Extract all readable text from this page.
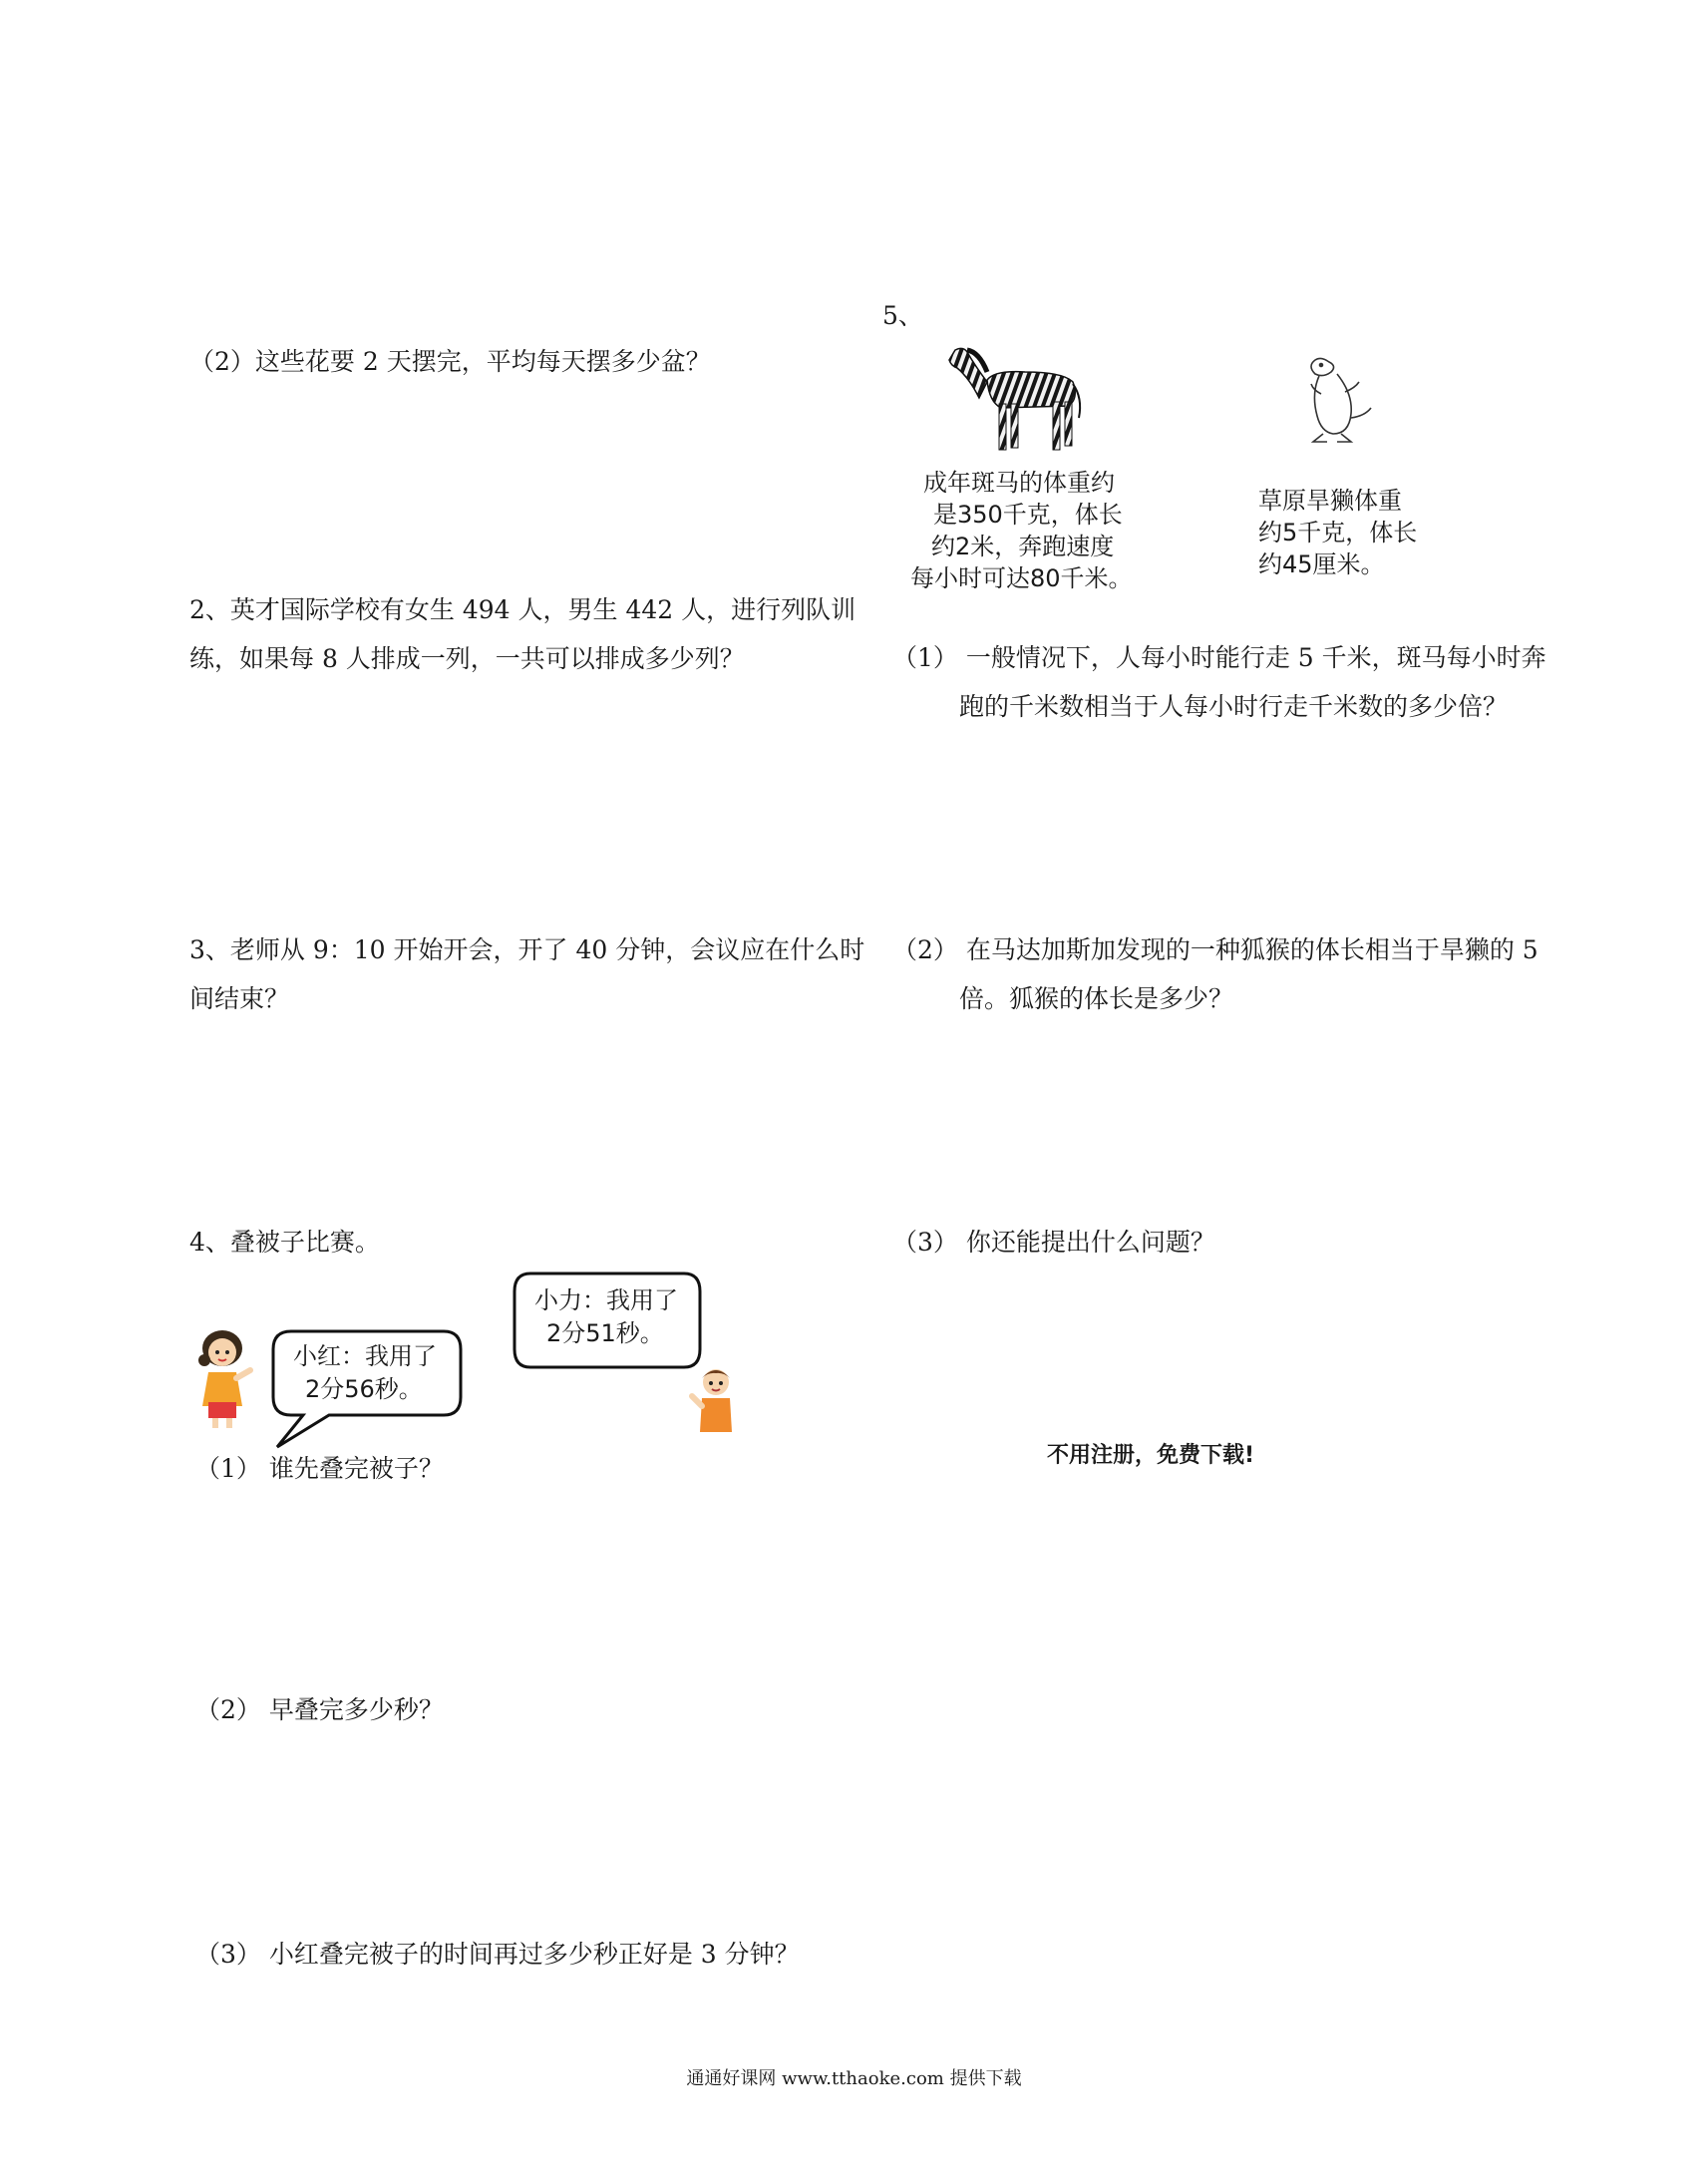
（2）这些花要 2 天摆完，平均每天摆多少盆？
2、英才国际学校有女生 494 人，男生 442 人，进行列队训
练，如果每 8 人排成一列，一共可以排成多少列？
3、老师从 9：10 开始开会，开了 40 分钟，会议应在什么时
间结束？
4、叠被子比赛。
小红：我用了
2分56秒。
小力：我用了
2分51秒。
（1） 谁先叠完被子？
（2） 早叠完多少秒？
（3） 小红叠完被子的时间再过多少秒正好是 3 分钟？
5、
成年斑马的体重约
是350千克，体长
约2米，奔跑速度
每小时可达80千米。
草原旱獭体重
约5千克，体长
约45厘米。
（1） 一般情况下，人每小时能行走 5 千米，斑马每小时奔
跑的千米数相当于人每小时行走千米数的多少倍？
（2） 在马达加斯加发现的一种狐猴的体长相当于旱獭的 5
倍。狐猴的体长是多少？
（3） 你还能提出什么问题？
不用注册，免费下载!
通通好课网 www.tthaoke.com 提供下载
